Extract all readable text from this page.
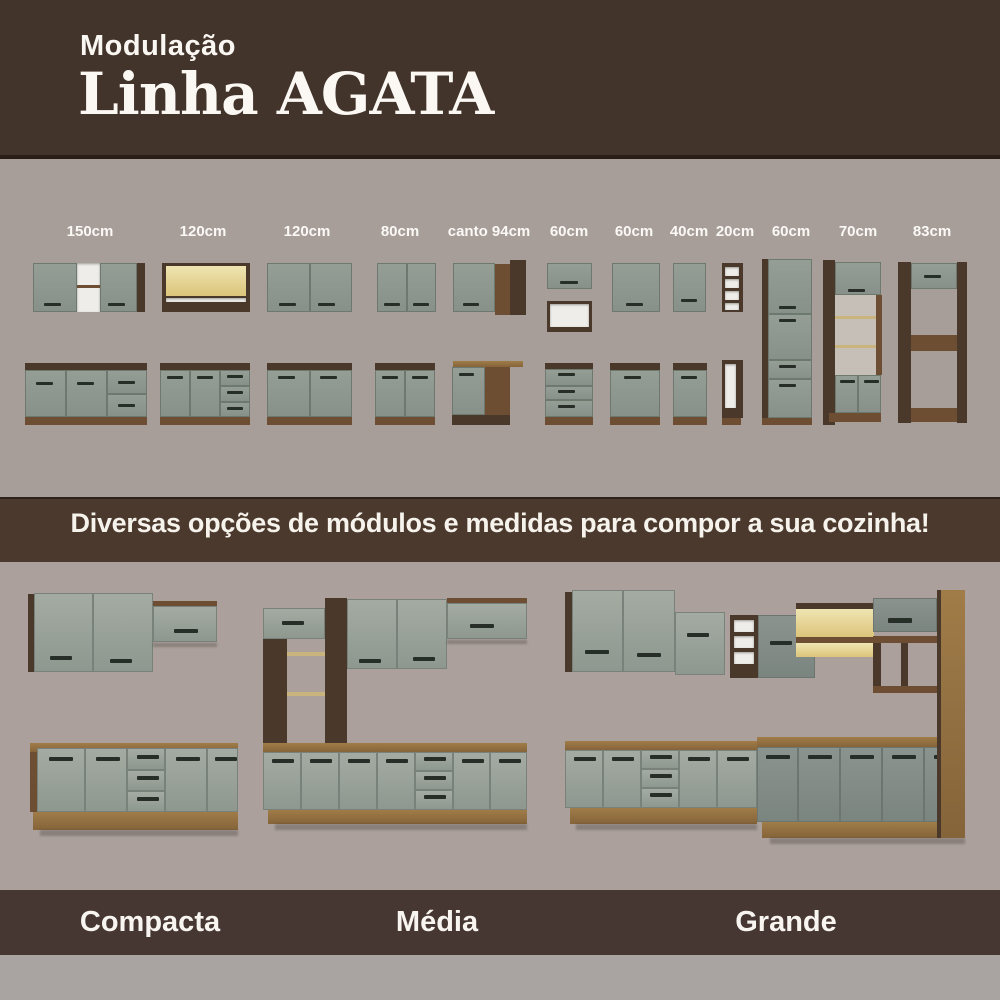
Modulação
Linha AGATA
Diversas opções de módulos e medidas para compor a sua cozinha!
150cm	120cm	120cm	80cm canto 94cm 60cm 60cm 40cm 20cm 60cm 70cm 83cm
Compacta	Média	Grande
